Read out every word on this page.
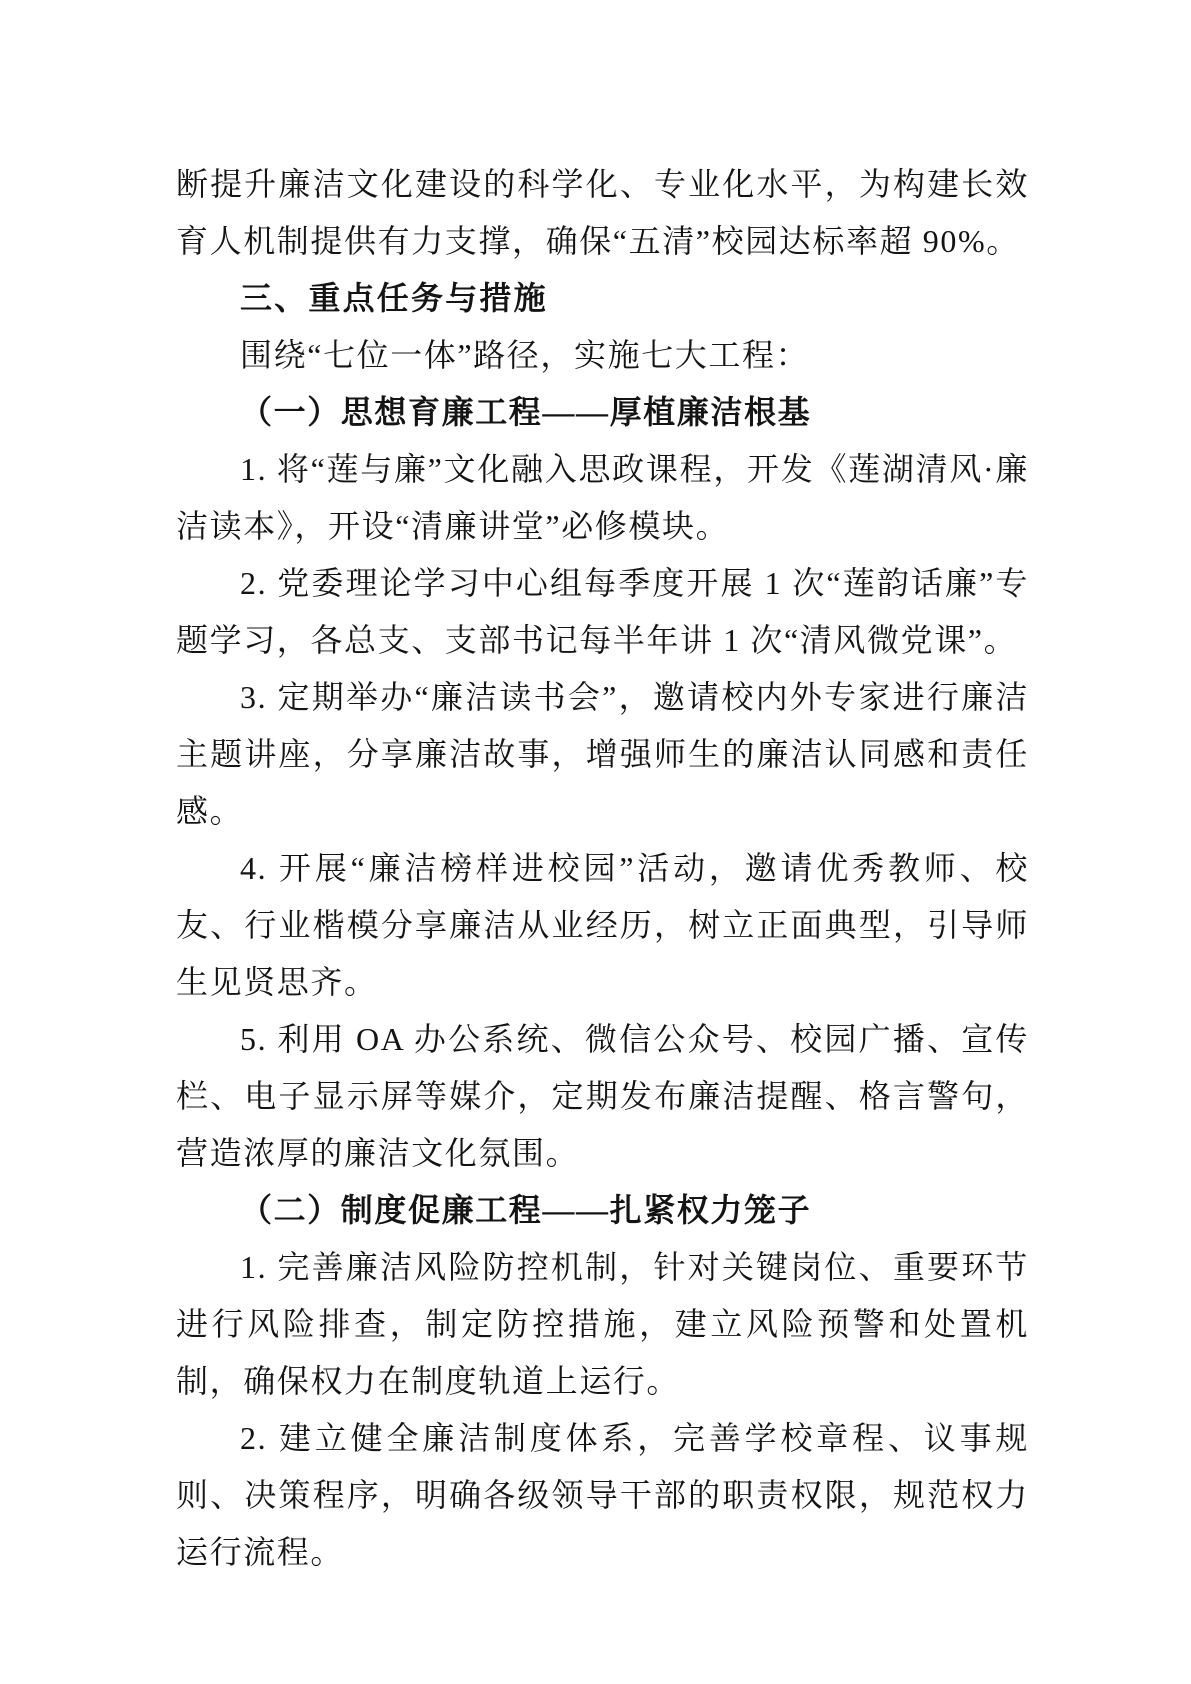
断提升廉洁文化建设的科学化、专业化水平，为构建长效育人机制提供有力支撑，确保“五清”校园达标率超 90%。

三、重点任务与措施

围绕“七位一体”路径，实施七大工程：

（一）思想育廉工程——厚植廉洁根基

1. 将“莲与廉”文化融入思政课程，开发《莲湖清风·廉洁读本》，开设“清廉讲堂”必修模块。

2. 党委理论学习中心组每季度开展 1 次“莲韵话廉”专题学习，各总支、支部书记每半年讲 1 次“清风微党课”。

3. 定期举办“廉洁读书会”，邀请校内外专家进行廉洁主题讲座，分享廉洁故事，增强师生的廉洁认同感和责任感。

4. 开展“廉洁榜样进校园”活动，邀请优秀教师、校友、行业楷模分享廉洁从业经历，树立正面典型，引导师生见贤思齐。

5. 利用 OA 办公系统、微信公众号、校园广播、宣传栏、电子显示屏等媒介，定期发布廉洁提醒、格言警句，营造浓厚的廉洁文化氛围。

（二）制度促廉工程——扎紧权力笼子

1. 完善廉洁风险防控机制，针对关键岗位、重要环节进行风险排查，制定防控措施，建立风险预警和处置机制，确保权力在制度轨道上运行。

2. 建立健全廉洁制度体系，完善学校章程、议事规则、决策程序，明确各级领导干部的职责权限，规范权力运行流程。
